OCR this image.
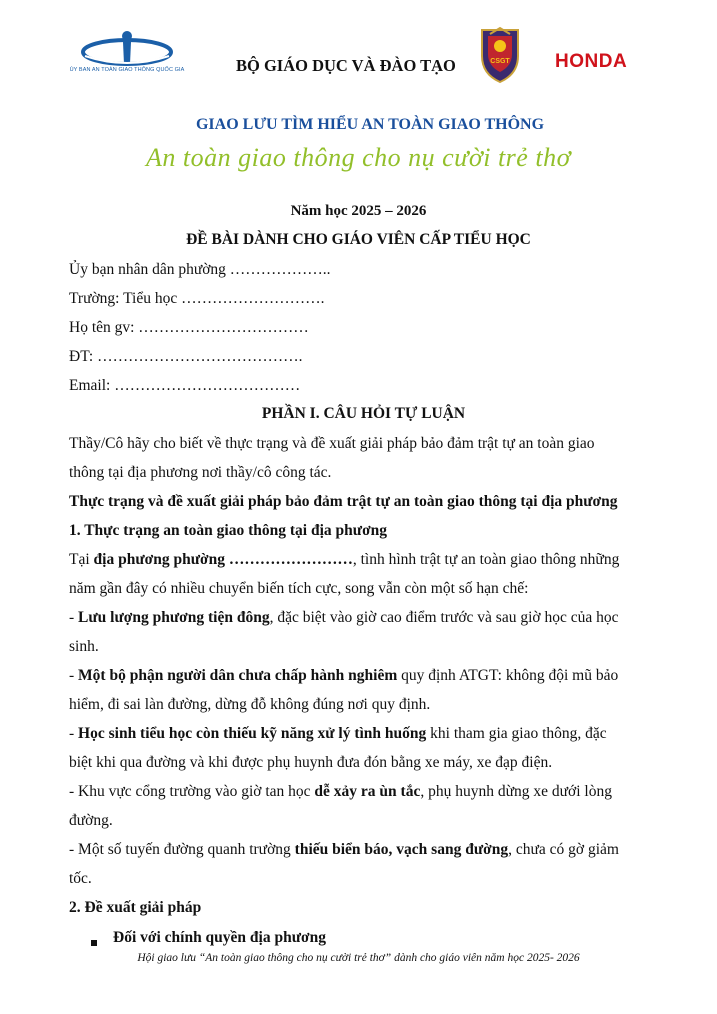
ỦY BAN AN TOÀN GIAO THÔNG QUỐC GIA	BỘ GIÁO DỤC VÀ ĐÀO TẠO	CSGT	HONDA
GIAO LƯU TÌM HIỂU AN TOÀN GIAO THÔNG
An toàn giao thông cho nụ cười trẻ thơ
Năm học 2025 – 2026
ĐỀ BÀI DÀNH CHO GIÁO VIÊN CẤP TIỂU HỌC
Ủy bạn nhân dân phường ………………..
Trường: Tiểu học ……………………….
Họ tên gv: ……………………………
ĐT: ………………………………….
Email: ………………………………
PHẦN I. CÂU HỎI TỰ LUẬN
Thầy/Cô hãy cho biết về thực trạng và đề xuất giải pháp bảo đảm trật tự an toàn giao
thông tại địa phương nơi thầy/cô công tác.
Thực trạng và đề xuất giải pháp bảo đảm trật tự an toàn giao thông tại địa phương
1. Thực trạng an toàn giao thông tại địa phương
Tại địa phương phường ……………………, tình hình trật tự an toàn giao thông những
năm gần đây có nhiều chuyển biến tích cực, song vẫn còn một số hạn chế:
- Lưu lượng phương tiện đông, đặc biệt vào giờ cao điểm trước và sau giờ học của học
sinh.
- Một bộ phận người dân chưa chấp hành nghiêm quy định ATGT: không đội mũ bảo
hiểm, đi sai làn đường, dừng đỗ không đúng nơi quy định.
- Học sinh tiểu học còn thiếu kỹ năng xử lý tình huống khi tham gia giao thông, đặc
biệt khi qua đường và khi được phụ huynh đưa đón bằng xe máy, xe đạp điện.
- Khu vực cổng trường vào giờ tan học dễ xảy ra ùn tắc, phụ huynh dừng xe dưới lòng
đường.
- Một số tuyến đường quanh trường thiếu biển báo, vạch sang đường, chưa có gờ giảm
tốc.
2. Đề xuất giải pháp
Đối với chính quyền địa phương
Hội giao lưu “An toàn giao thông cho nụ cười trẻ thơ” dành cho giáo viên năm học 2025- 2026
